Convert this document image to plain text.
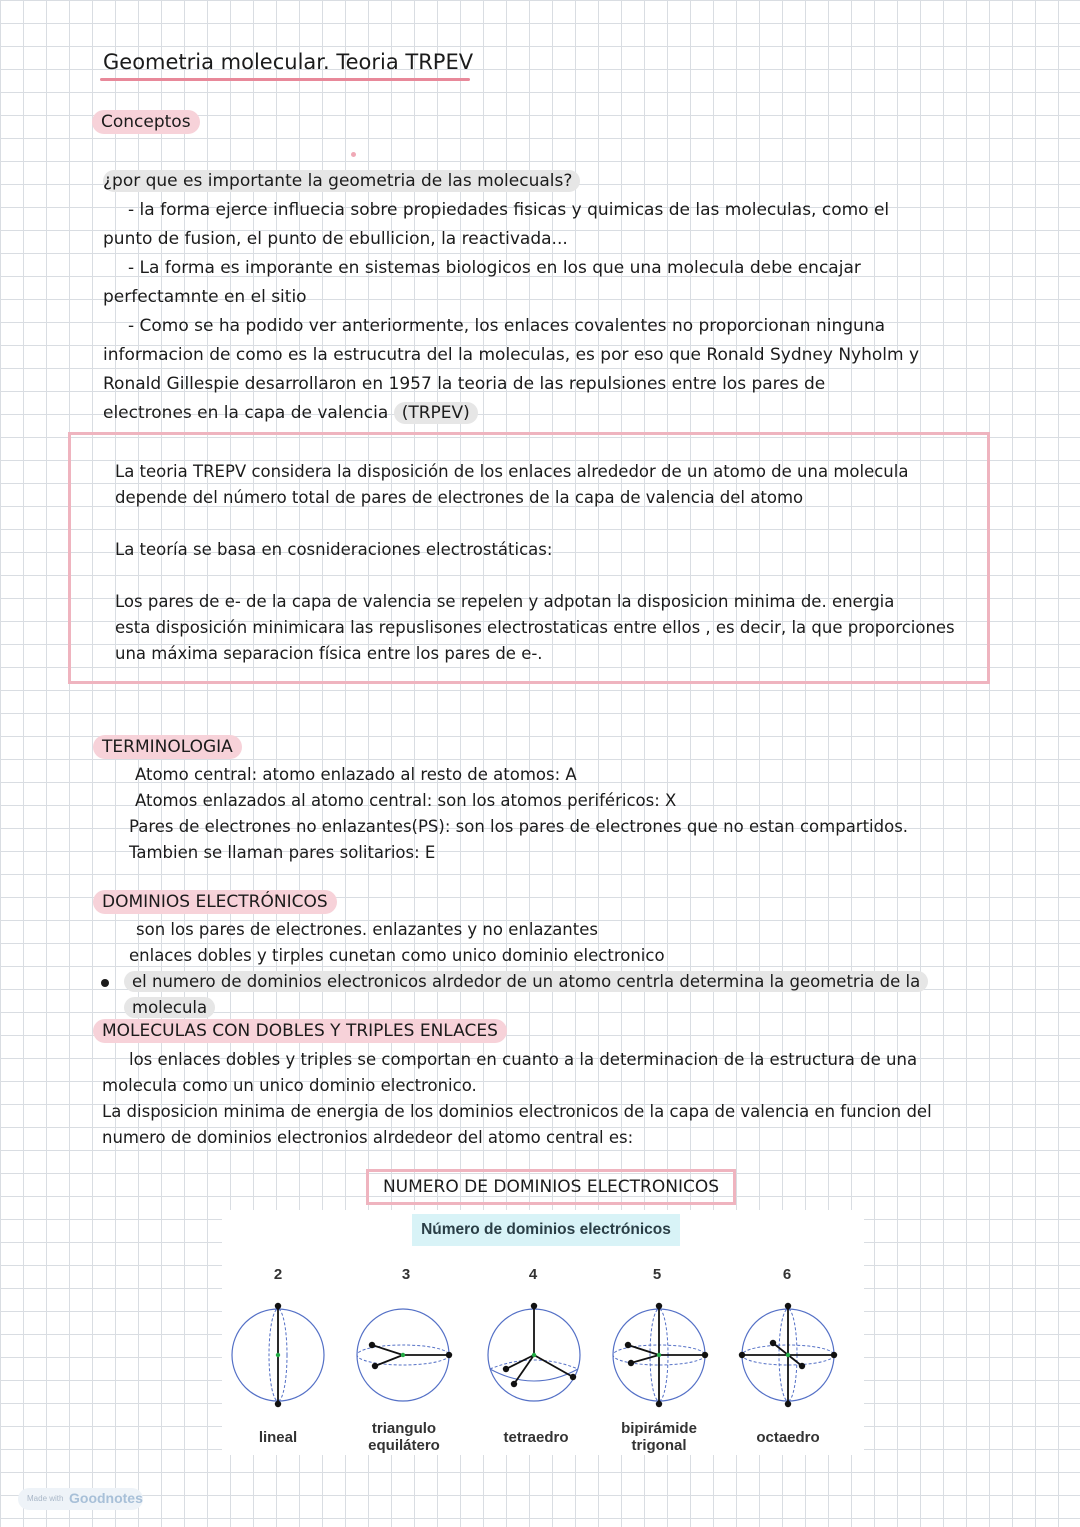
Geometria molecular. Teoria TRPEV
Conceptos
¿por que es importante la geometria de las molecuals?
- la forma ejerce influecia sobre propiedades fisicas y quimicas de las moleculas, como el
punto de fusion, el punto de ebullicion, la reactivada...
- La forma es imporante en sistemas biologicos en los que una molecula debe encajar
perfectamnte en el sitio
- Como se ha podido ver anteriormente, los enlaces covalentes no proporcionan ninguna
informacion de como es la estrucutra del la moleculas, es por eso que Ronald Sydney Nyholm y
Ronald Gillespie desarrollaron en 1957 la teoria de las repulsiones entre los pares de
electrones en la capa de valencia (TRPEV)

La teoria TREPV considera la disposición de los enlaces alrededor de un atomo de una molecula

depende del número total de pares de electrones de la capa de valencia del atomo

La teoría se basa en cosnideraciones electrostáticas:

Los pares de e- de la capa de valencia se repelen y adpotan la disposicion minima de. energia

esta disposición minimicara las repuslisones electrostaticas entre ellos , es decir, la que proporciones

una máxima separacion física entre los pares de e-.

TERMINOLOGIA
Atomo central: atomo enlazado al resto de atomos: A
Atomos enlazados al atomo central: son los atomos periféricos: X
Pares de electrones no enlazantes(PS): son los pares de electrones que no estan compartidos.
Tambien se llaman pares solitarios: E
DOMINIOS ELECTRÓNICOS
son los pares de electrones. enlazantes y no enlazantes
enlaces dobles y tirples cunetan como unico dominio electronico
el numero de dominios electronicos alrdedor de un atomo centrla determina la geometria de la
molecula
MOLECULAS CON DOBLES Y TRIPLES ENLACES
los enlaces dobles y triples se comportan en cuanto a la determinacion de la estructura de una
molecula como un unico dominio electronico.
La disposicion minima de energia de los dominios electronicos de la capa de valencia en funcion del
numero de dominios electronios alrdedeor del atomo central es:
NUMERO DE DOMINIOS ELECTRONICOS
Número de dominios electrónicos
2	3	4	5	6
lineal
triangulo
equilátero	tetraedro
bipirámide
trigonal	octaedro
Made with Goodnotes
